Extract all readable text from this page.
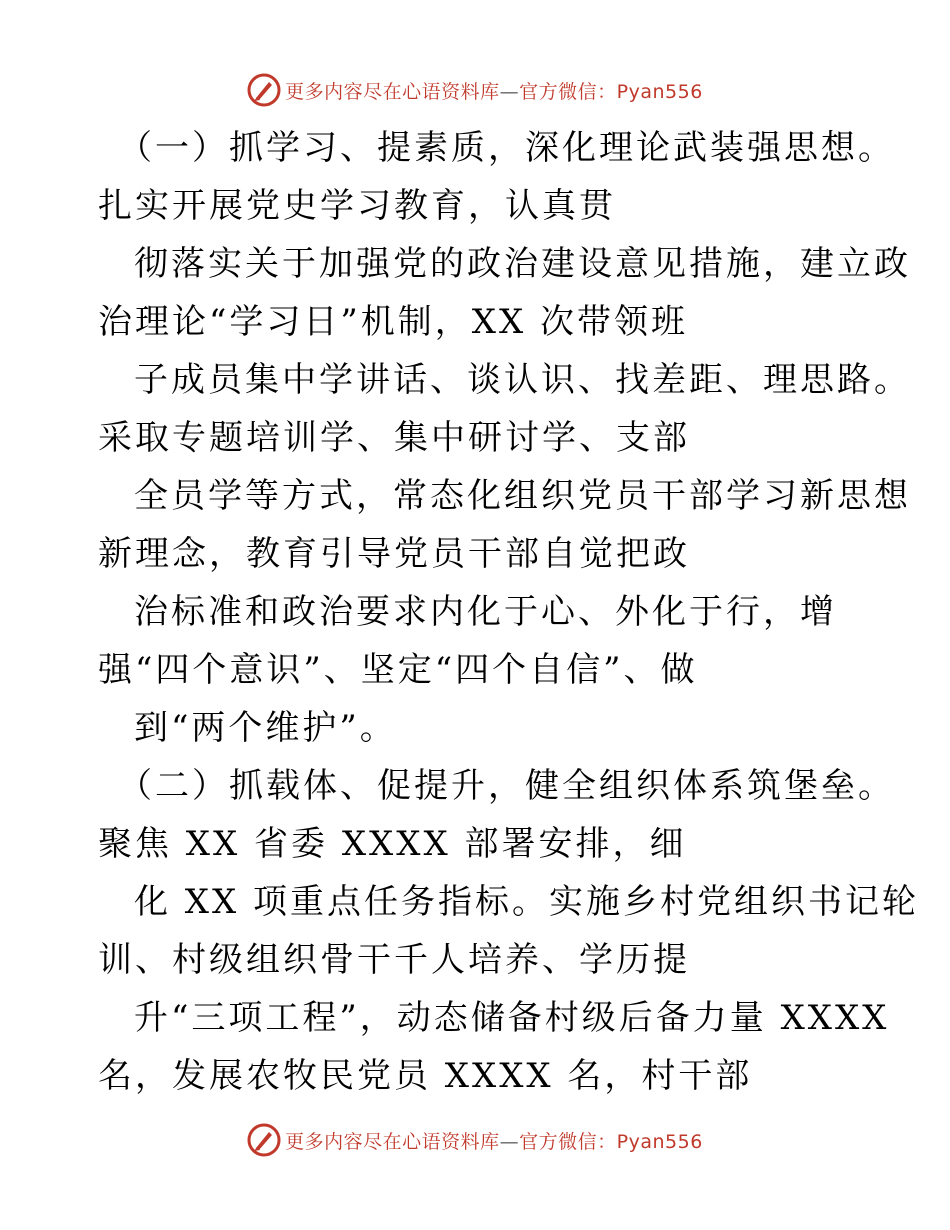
更多内容尽在心语资料库—官方微信：Pyan556
（一）抓学习、提素质，深化理论武装强思想。
扎实开展党史学习教育，认真贯
彻落实关于加强党的政治建设意见措施，建立政
治理论“学习日”机制，XX 次带领班
子成员集中学讲话、谈认识、找差距、理思路。
采取专题培训学、集中研讨学、支部
全员学等方式，常态化组织党员干部学习新思想
新理念，教育引导党员干部自觉把政
治标准和政治要求内化于心、外化于行，增
强“四个意识”、坚定“四个自信”、做
到“两个维护”。
（二）抓载体、促提升，健全组织体系筑堡垒。
聚焦 XX 省委 XXXX 部署安排，细
化 XX 项重点任务指标。实施乡村党组织书记轮
训、村级组织骨干千人培养、学历提
升“三项工程”，动态储备村级后备力量 XXXX
名，发展农牧民党员 XXXX 名，村干部
更多内容尽在心语资料库—官方微信：Pyan556
